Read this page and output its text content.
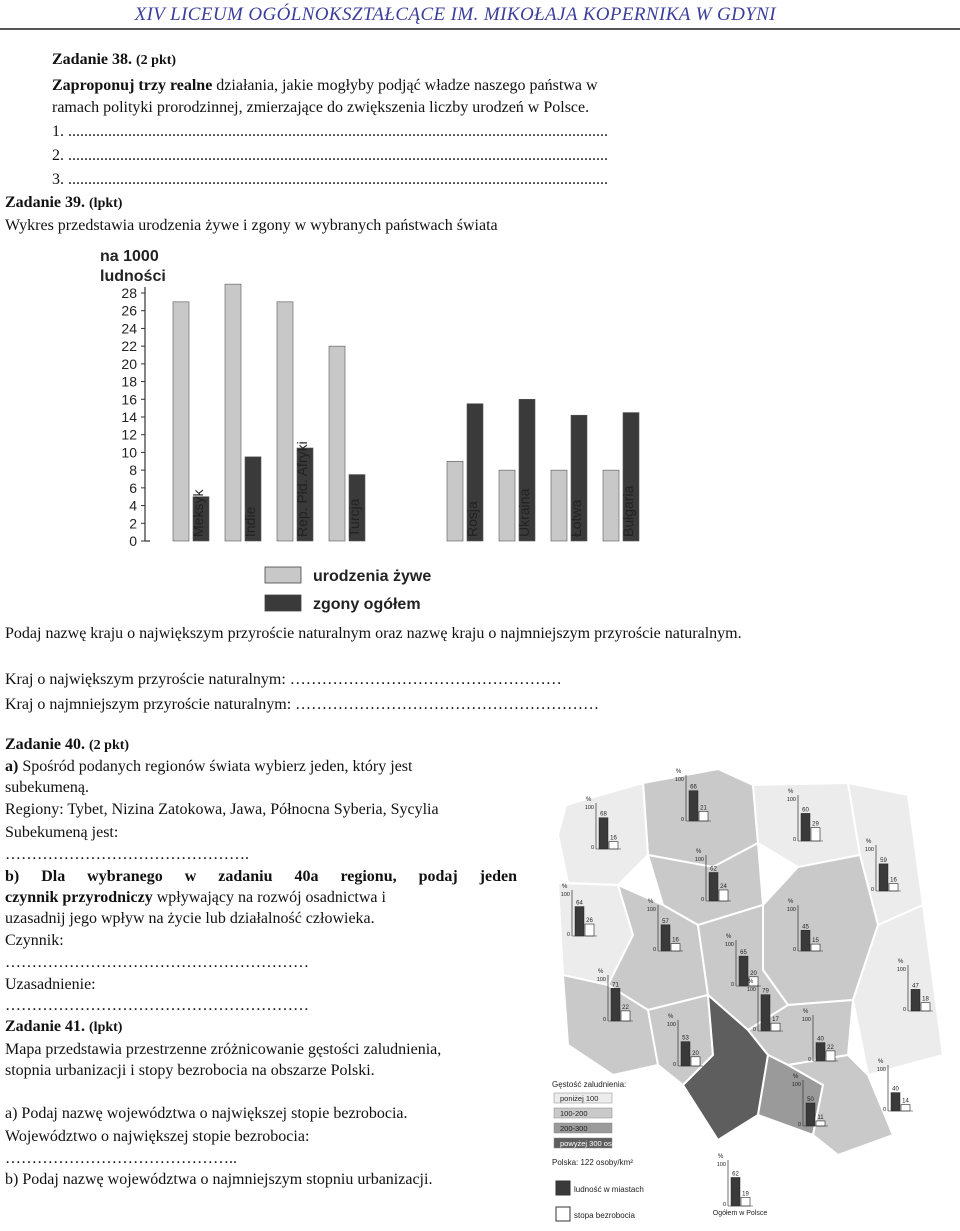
XIV LICEUM OGÓLNOKSZTAŁCĄCE IM. MIKOŁAJA KOPERNIKA W GDYNI
Zadanie 38. (2 pkt)
Zaproponuj trzy realne działania, jakie mogłyby podjąć władze naszego państwa w
ramach polityki prorodzinnej, zmierzające do zwiększenia liczby urodzeń w Polsce.
1. .......................................................................................................................................
2. .......................................................................................................................................
3. .......................................................................................................................................
Zadanie 39. (lpkt)
Wykres przedstawia urodzenia żywe i zgony w wybranych państwach świata
na 1000
ludności
0
2
4
6
8
10
12
14
16
18
20
22
24
26
28
Meksyk	Indie	Rep. Płd. Afryki	Turcja	Rosja	Ukraina	Łotwa	Bułgaria
urodzenia żywe
zgony ogółem
Podaj nazwę kraju o największym przyroście naturalnym oraz nazwę kraju o najmniejszym przyroście naturalnym.
Kraj o największym przyroście naturalnym: ……………………………………………
Kraj o najmniejszym przyroście naturalnym: …………………………………………………
Zadanie 40. (2 pkt)
a) Spośród podanych regionów świata wybierz jeden, który jest
subekumeną.
Regiony: Tybet, Nizina Zatokowa, Jawa, Północna Syberia, Sycylia
Subekumeną jest:
……………………………………….
b) Dla wybranego w zadaniu 40a regionu, podaj jeden
czynnik przyrodniczy wpływający na rozwój osadnictwa i
uzasadnij jego wpływ na życie lub działalność człowieka.
Czynnik:
…………………………………………………
Uzasadnienie:
…………………………………………………
Zadanie 41. (lpkt)
Mapa przedstawia przestrzenne zróżnicowanie gęstości zaludnienia,
stopnia urbanizacji i stopy bezrobocia na obszarze Polski.
a) Podaj nazwę województwa o największej stopie bezrobocia.
Województwo o największej stopie bezrobocia:
……………………………………..
b) Podaj nazwę województwa o najmniejszym stopniu urbanizacji.
%
100
0
66
21
%
100
0
60
29
%
100
0
59
16
%
100
0
68
16
%
100
0
62
24
%
100
0
64
26
%
100
0
57
16
%
100
0
45
15
%
100
0
65
20
%
100
0
71
22
%
100
0
47
18
%
100
0
53
20
%
100
0
79
17
%
100
0
40
22
%
100
0
50
11
%
100
0
40
14
%
100
0
62
19
Ogółem w Polsce
Gęstość zaludnienia:
poniżej 100
100-200
200-300
powyżej 300 osób/km²
Polska: 122 osoby/km²
ludność w miastach
stopa bezrobocia
